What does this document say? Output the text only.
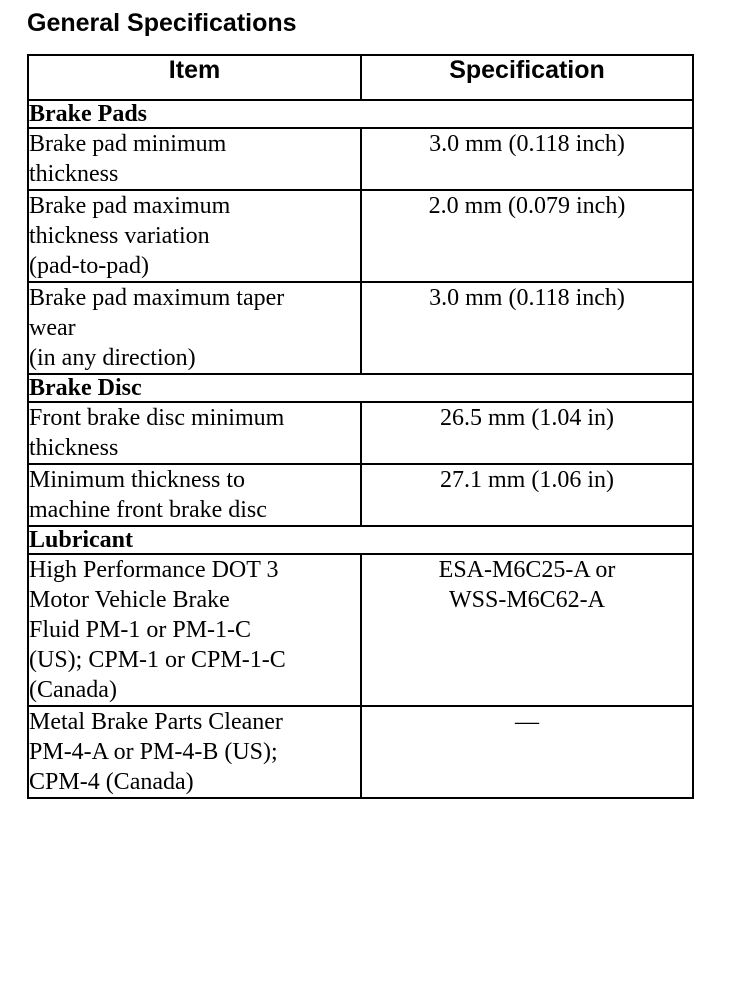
General Specifications
Item	Specification
Brake Pads	

Brake pad minimum
thickness	3.0 mm (0.118 inch)

Brake pad maximum
thickness variation
(pad-to-pad)	2.0 mm (0.079 inch)

Brake pad maximum taper
wear
(in any direction)	3.0 mm (0.118 inch)

Brake Disc	

Front brake disc minimum
thickness	26.5 mm (1.04 in)

Minimum thickness to
machine front brake disc	27.1 mm (1.06 in)

Lubricant	

High Performance DOT 3
Motor Vehicle Brake
Fluid PM-1 or PM-1-C
(US); CPM-1 or CPM-1-C
(Canada)	ESA-M6C25-A or
WSS-M6C62-A

Metal Brake Parts Cleaner
PM-4-A or PM-4-B (US);
CPM-4 (Canada)	—
